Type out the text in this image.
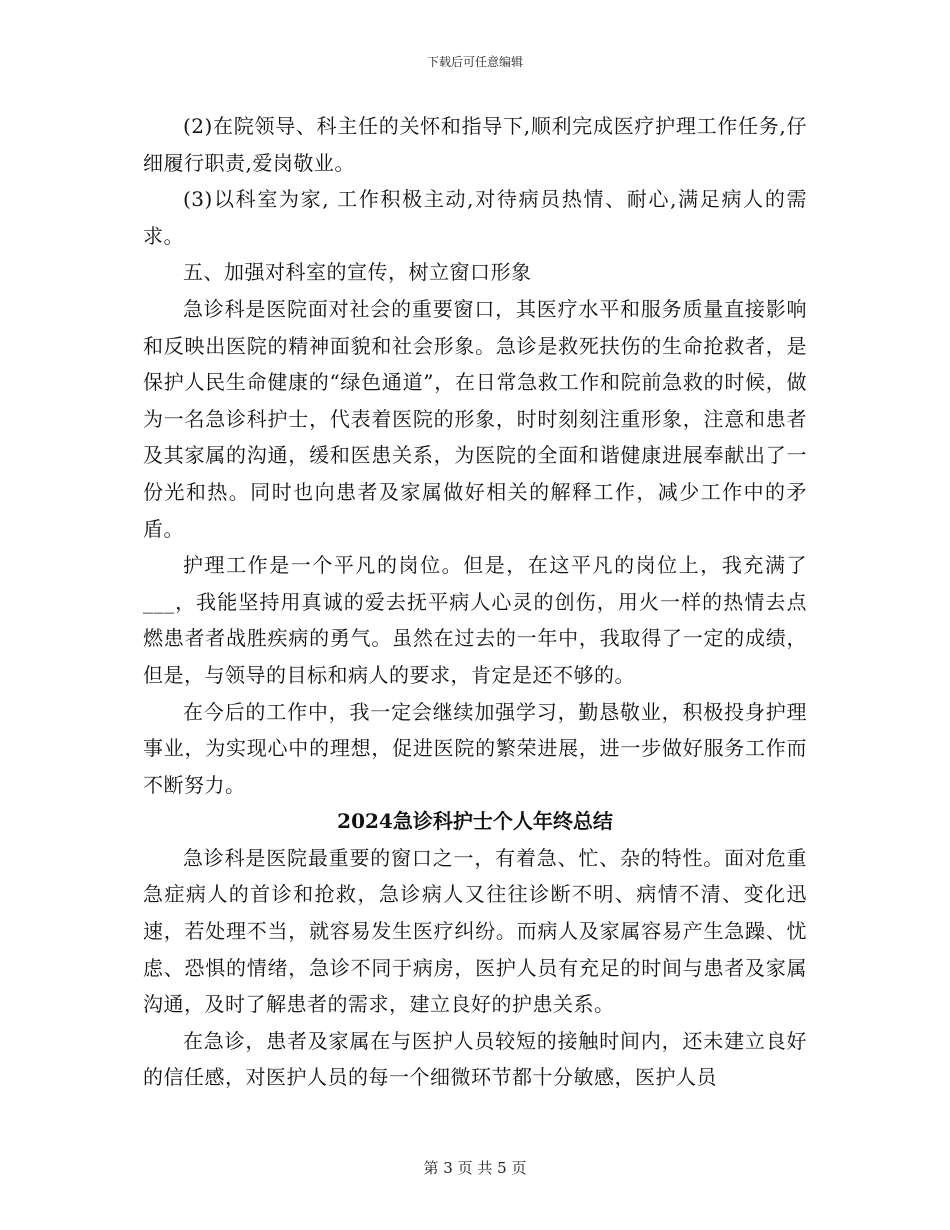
下载后可任意编辑

(2)在院领导、科主任的关怀和指导下,顺利完成医疗护理工作任务,仔细履行职责,爱岗敬业。

(3)以科室为家, 工作积极主动,对待病员热情、耐心,满足病人的需求。

五、加强对科室的宣传，树立窗口形象

急诊科是医院面对社会的重要窗口，其医疗水平和服务质量直接影响和反映出医院的精神面貌和社会形象。急诊是救死扶伤的生命抢救者，是保护人民生命健康的“绿色通道”，在日常急救工作和院前急救的时候，做为一名急诊科护士，代表着医院的形象，时时刻刻注重形象，注意和患者及其家属的沟通，缓和医患关系，为医院的全面和谐健康进展奉献出了一份光和热。同时也向患者及家属做好相关的解释工作，减少工作中的矛盾。

护理工作是一个平凡的岗位。但是，在这平凡的岗位上，我充满了___，我能坚持用真诚的爱去抚平病人心灵的创伤，用火一样的热情去点燃患者者战胜疾病的勇气。虽然在过去的一年中，我取得了一定的成绩，但是，与领导的目标和病人的要求，肯定是还不够的。

在今后的工作中，我一定会继续加强学习，勤恳敬业，积极投身护理事业，为实现心中的理想，促进医院的繁荣进展，进一步做好服务工作而不断努力。

2024急诊科护士个人年终总结

急诊科是医院最重要的窗口之一，有着急、忙、杂的特性。面对危重急症病人的首诊和抢救，急诊病人又往往诊断不明、病情不清、变化迅速，若处理不当，就容易发生医疗纠纷。而病人及家属容易产生急躁、忧虑、恐惧的情绪，急诊不同于病房，医护人员有充足的时间与患者及家属沟通，及时了解患者的需求，建立良好的护患关系。

在急诊，患者及家属在与医护人员较短的接触时间内，还未建立良好的信任感，对医护人员的每一个细微环节都十分敏感，医护人员

第 3 页 共 5 页
